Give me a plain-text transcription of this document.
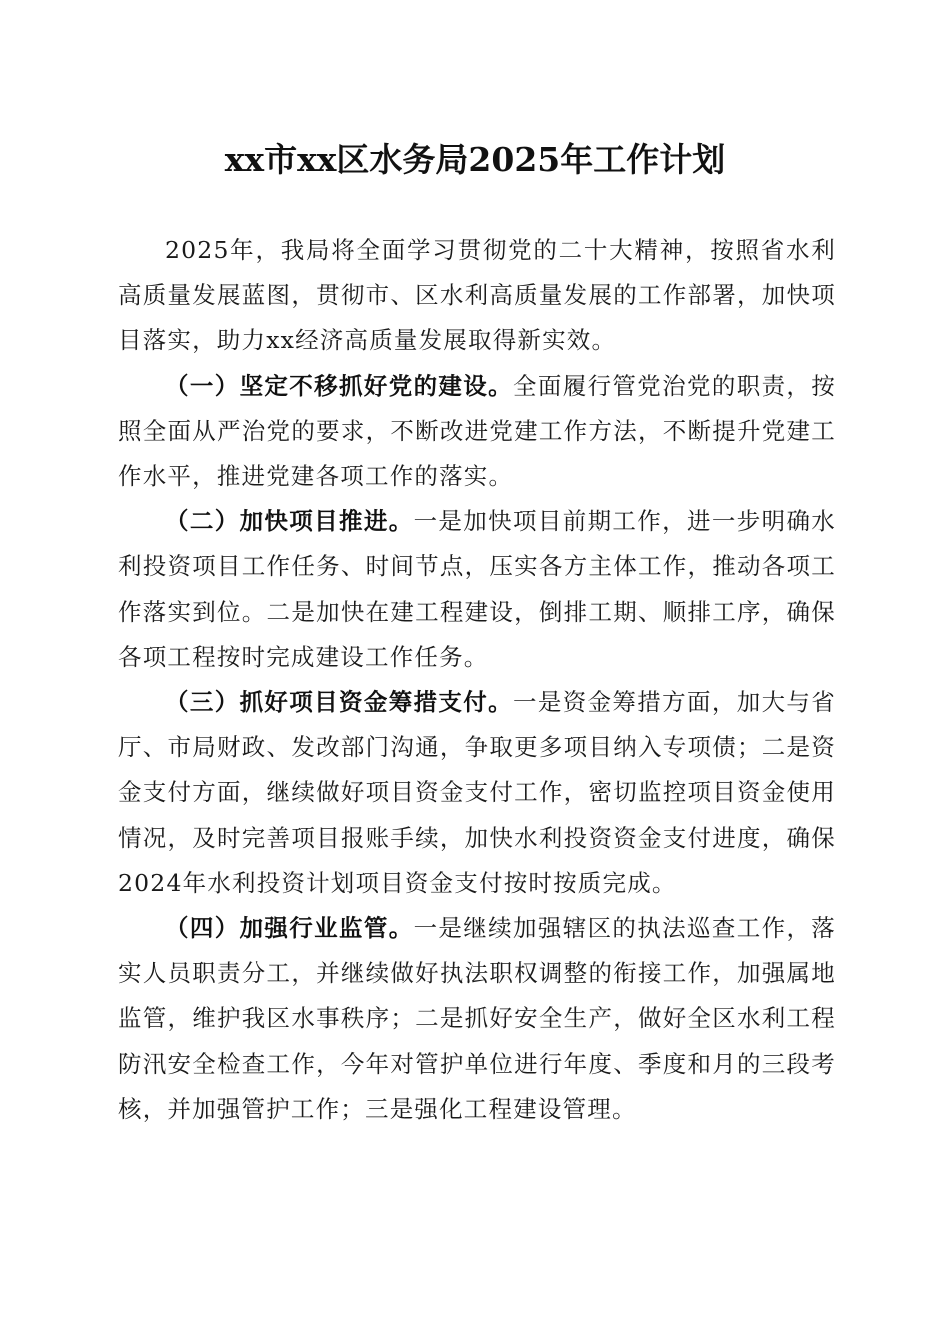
xx市xx区水务局2025年工作计划

2025年，我局将全面学习贯彻党的二十大精神，按照省水利高质量发展蓝图，贯彻市、区水利高质量发展的工作部署，加快项目落实，助力xx经济高质量发展取得新实效。

（一）坚定不移抓好党的建设。全面履行管党治党的职责，按照全面从严治党的要求，不断改进党建工作方法，不断提升党建工作水平，推进党建各项工作的落实。

（二）加快项目推进。一是加快项目前期工作，进一步明确水利投资项目工作任务、时间节点，压实各方主体工作，推动各项工作落实到位。二是加快在建工程建设，倒排工期、顺排工序，确保各项工程按时完成建设工作任务。

（三）抓好项目资金筹措支付。一是资金筹措方面，加大与省厅、市局财政、发改部门沟通，争取更多项目纳入专项债；二是资金支付方面，继续做好项目资金支付工作，密切监控项目资金使用情况，及时完善项目报账手续，加快水利投资资金支付进度，确保2024年水利投资计划项目资金支付按时按质完成。

（四）加强行业监管。一是继续加强辖区的执法巡查工作，落实人员职责分工，并继续做好执法职权调整的衔接工作，加强属地监管，维护我区水事秩序；二是抓好安全生产，做好全区水利工程防汛安全检查工作，今年对管护单位进行年度、季度和月的三段考核，并加强管护工作；三是强化工程建设管理。
